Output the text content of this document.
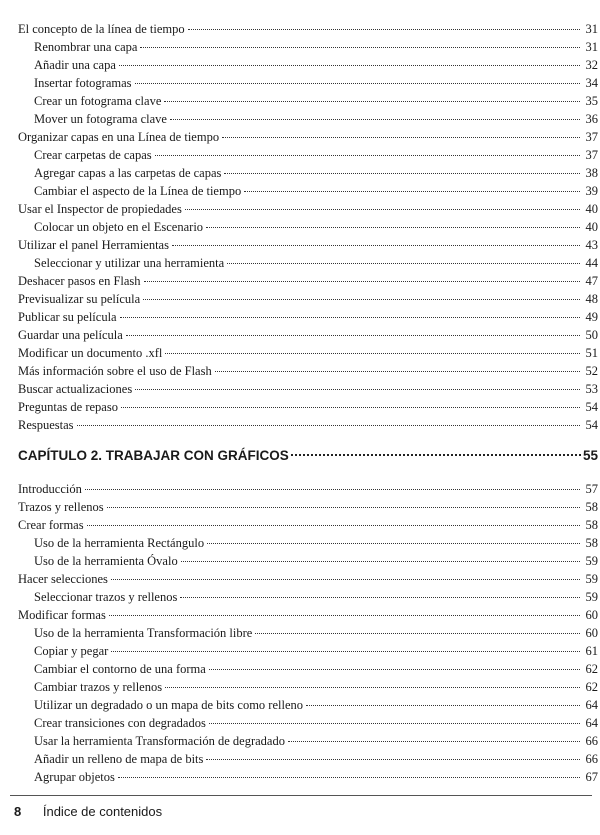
El concepto de la línea de tiempo	31
Renombrar una capa	31
Añadir una capa	32
Insertar fotogramas	34
Crear un fotograma clave	35
Mover un fotograma clave	36
Organizar capas en una Línea de tiempo	37
Crear carpetas de capas	37
Agregar capas a las carpetas de capas	38
Cambiar el aspecto de la Línea de tiempo	39
Usar el Inspector de propiedades	40
Colocar un objeto en el Escenario	40
Utilizar el panel Herramientas	43
Seleccionar y utilizar una herramienta	44
Deshacer pasos en Flash	47
Previsualizar su película	48
Publicar su película	49
Guardar una película	50
Modificar un documento .xfl	51
Más información sobre el uso de Flash	52
Buscar actualizaciones	53
Preguntas de repaso	54
Respuestas	54
CAPÍTULO 2. TRABAJAR CON GRÁFICOS	55
Introducción	57
Trazos y rellenos	58
Crear formas	58
Uso de la herramienta Rectángulo	58
Uso de la herramienta Óvalo	59
Hacer selecciones	59
Seleccionar trazos y rellenos	59
Modificar formas	60
Uso de la herramienta Transformación libre	60
Copiar y pegar	61
Cambiar el contorno de una forma	62
Cambiar trazos y rellenos	62
Utilizar un degradado o un mapa de bits como relleno	64
Crear transiciones con degradados	64
Usar la herramienta Transformación de degradado	66
Añadir un relleno de mapa de bits	66
Agrupar objetos	67
8 Índice de contenidos
